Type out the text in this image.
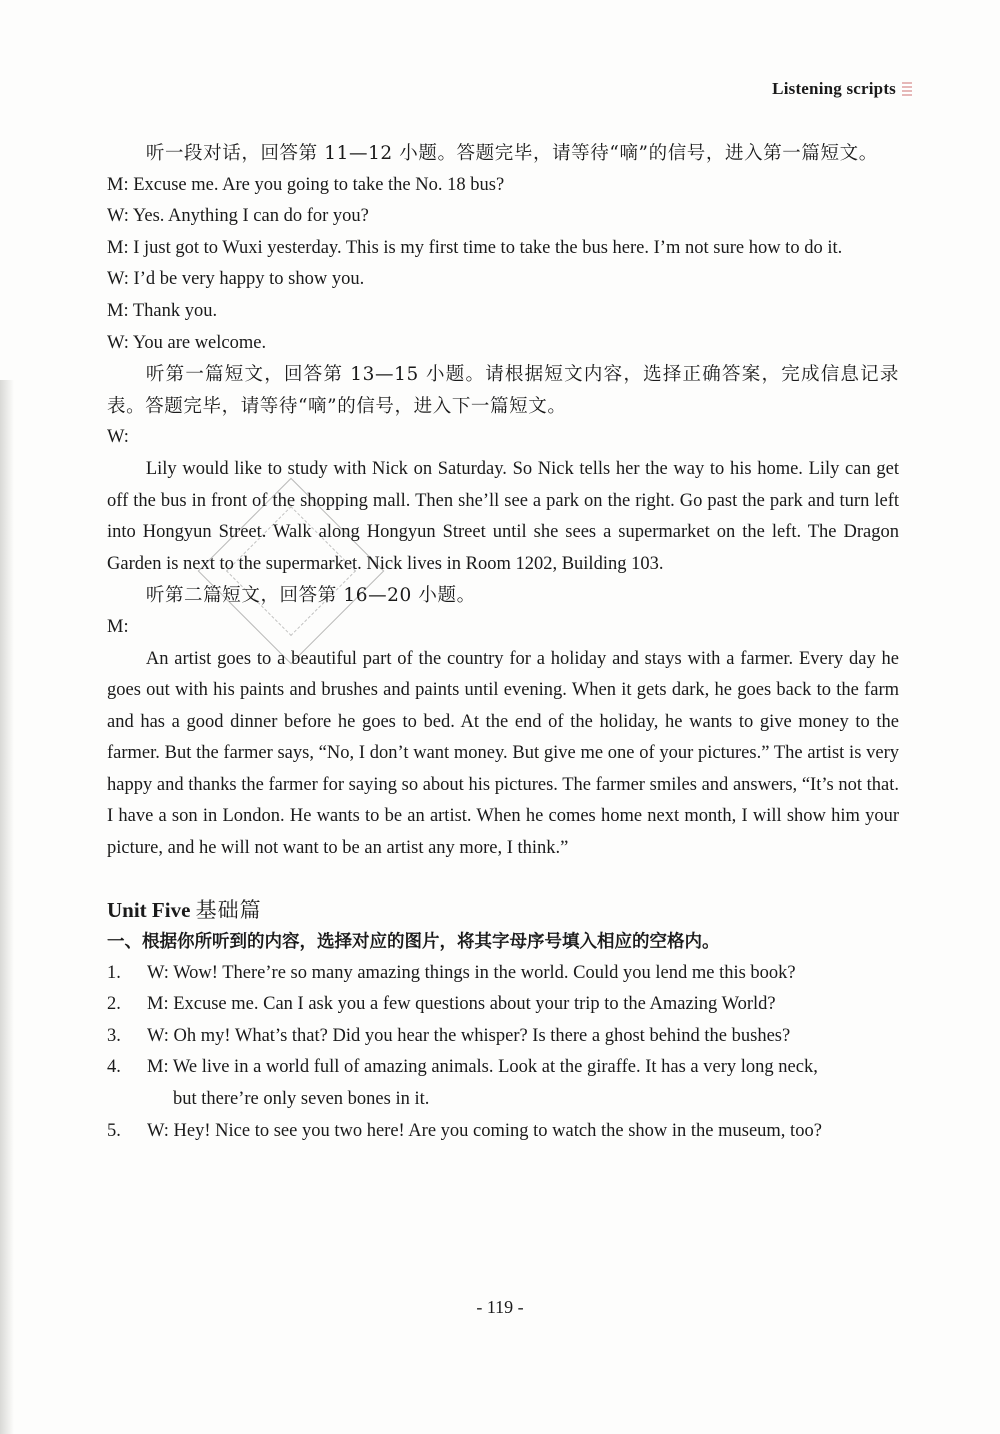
Listening scripts
听一段对话，回答第 11—12 小题。答题完毕，请等待“嘀”的信号，进入第一篇短文。
M: Excuse me. Are you going to take the No. 18 bus?
W: Yes. Anything I can do for you?
M: I just got to Wuxi yesterday. This is my first time to take the bus here. I’m not sure how to do it.
W: I’d be very happy to show you.
M: Thank you.
W: You are welcome.
听第一篇短文，回答第 13—15 小题。请根据短文内容，选择正确答案，完成信息记录表。答题完毕，请等待“嘀”的信号，进入下一篇短文。
W:
Lily would like to study with Nick on Saturday. So Nick tells her the way to his home. Lily can get off the bus in front of the shopping mall. Then she’ll see a park on the right. Go past the park and turn left into Hongyun Street. Walk along Hongyun Street until she sees a supermarket on the left. The Dragon Garden is next to the supermarket. Nick lives in Room 1202, Building 103.
听第二篇短文，回答第 16—20 小题。
M:
An artist goes to a beautiful part of the country for a holiday and stays with a farmer. Every day he goes out with his paints and brushes and paints until evening. When it gets dark, he goes back to the farm and has a good dinner before he goes to bed. At the end of the holiday, he wants to give money to the farmer. But the farmer says, “No, I don’t want money. But give me one of your pictures.” The artist is very happy and thanks the farmer for saying so about his pictures. The farmer smiles and answers, “It’s not that. I have a son in London. He wants to be an artist. When he comes home next month, I will show him your picture, and he will not want to be an artist any more, I think.”
Unit Five 基础篇
一、根据你所听到的内容，选择对应的图片，将其字母序号填入相应的空格内。
1.	W: Wow! There’re so many amazing things in the world. Could you lend me this book?
2.	M: Excuse me. Can I ask you a few questions about your trip to the Amazing World?
3.	W: Oh my! What’s that? Did you hear the whisper? Is there a ghost behind the bushes?
4.	M: We live in a world full of amazing animals. Look at the giraffe. It has a very long neck,
but there’re only seven bones in it.
5.	W: Hey! Nice to see you two here! Are you coming to watch the show in the museum, too?
- 119 -
